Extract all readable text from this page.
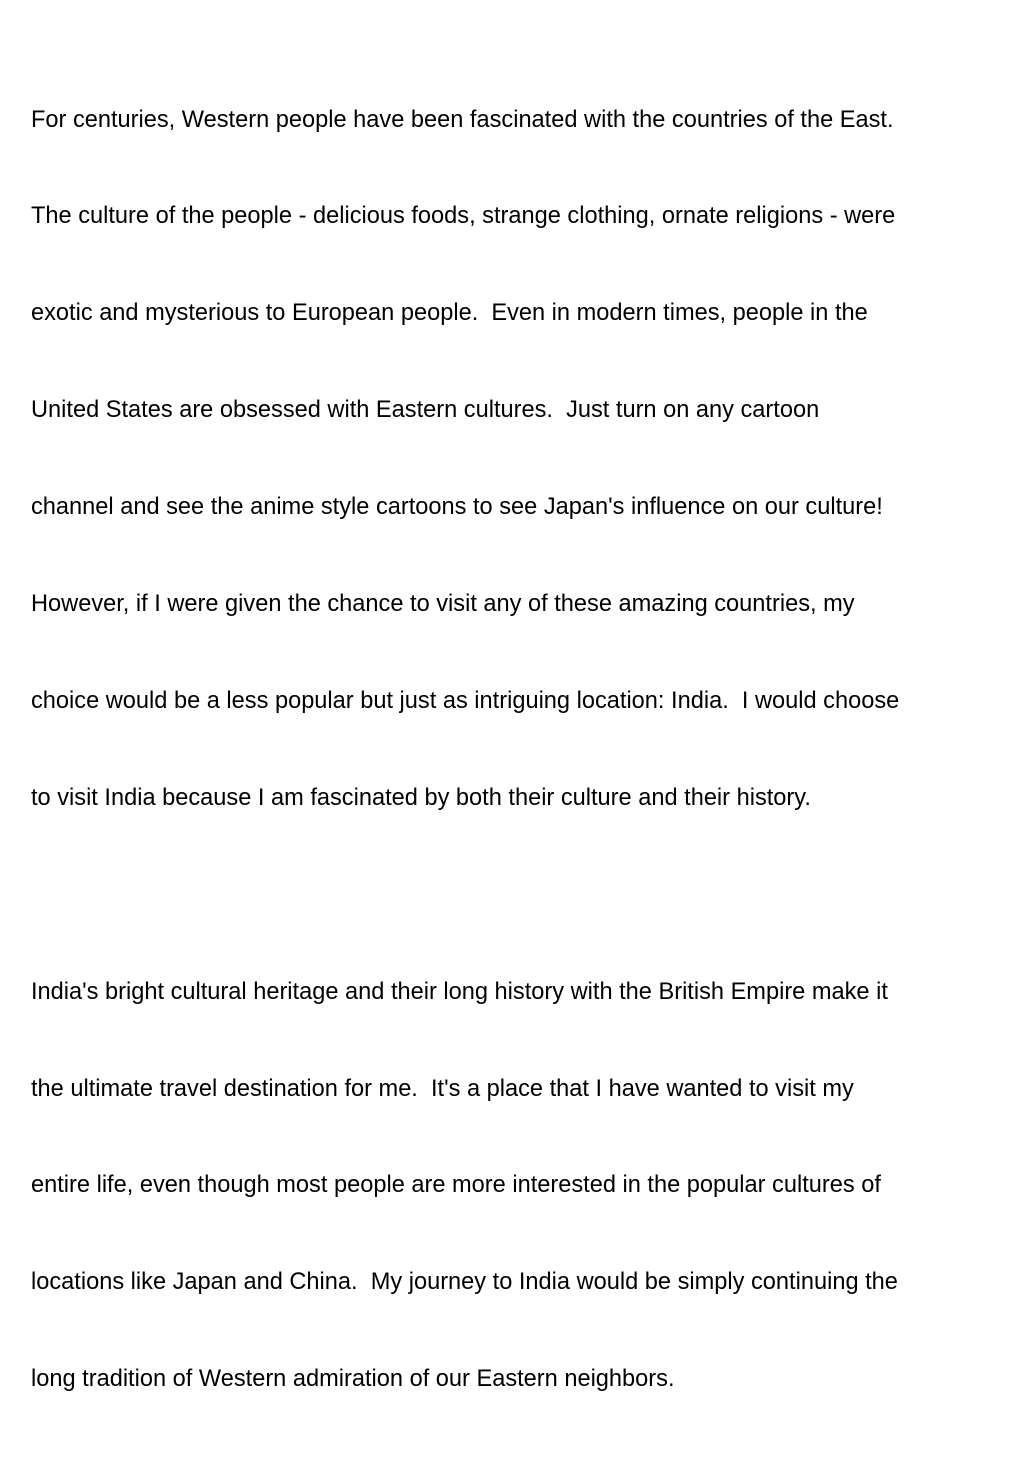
For centuries, Western people have been fascinated with the countries of the East.

The culture of the people - delicious foods, strange clothing, ornate religions - were

exotic and mysterious to European people.  Even in modern times, people in the

United States are obsessed with Eastern cultures.  Just turn on any cartoon

channel and see the anime style cartoons to see Japan's influence on our culture!

However, if I were given the chance to visit any of these amazing countries, my

choice would be a less popular but just as intriguing location: India.  I would choose

to visit India because I am fascinated by both their culture and their history.

India's bright cultural heritage and their long history with the British Empire make it

the ultimate travel destination for me.  It's a place that I have wanted to visit my

entire life, even though most people are more interested in the popular cultures of

locations like Japan and China.  My journey to India would be simply continuing the

long tradition of Western admiration of our Eastern neighbors.
